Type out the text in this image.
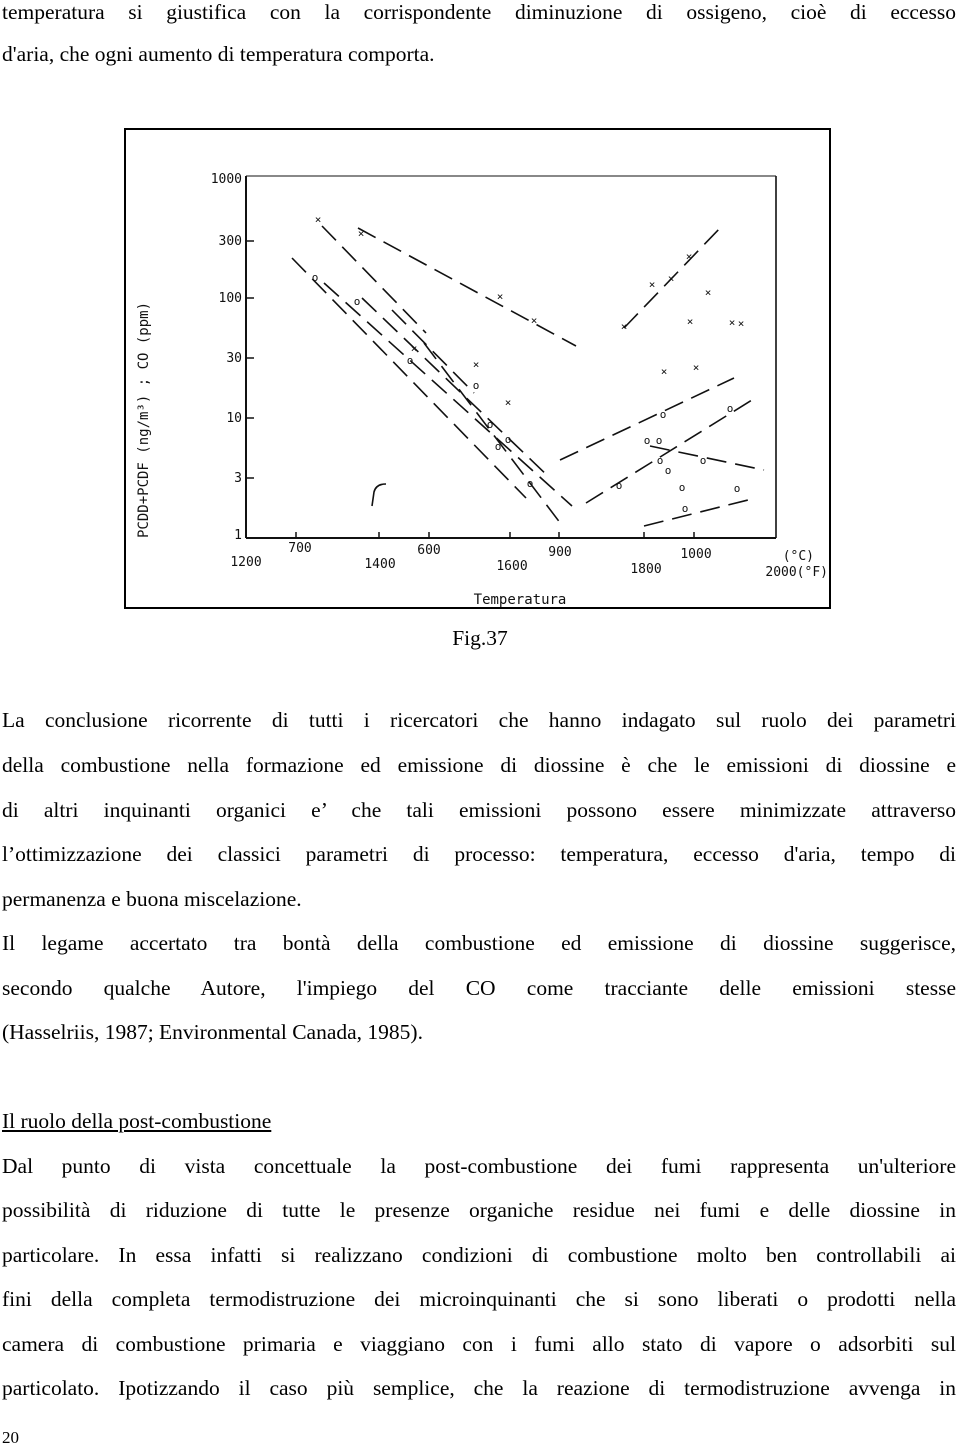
temperatura si giustifica con la corrispondente diminuzione di ossigeno, cioè di eccesso
d'aria, che ogni aumento di temperatura comporta.
1000
300
100
30
10
3
1
PCDD+PCDF (ng/m³) ; CO (ppm)
700	600	900	1000
1200	1400	1600	1800
(°C)
2000(°F)
Temperatura
×
×
×
×
×
×
×
×
× ×
×
×
×	× ×
× ×
o
o
o
o
o
o
o
o	o
o o
o
o
o
o
o
o
o
o
Fig.37
La conclusione ricorrente di tutti i ricercatori che hanno indagato sul ruolo dei parametri
della combustione nella formazione ed emissione di diossine è che le emissioni di diossine e
di altri inquinanti organici e’ che tali emissioni possono essere minimizzate attraverso
l’ottimizzazione dei classici parametri di processo: temperatura, eccesso d'aria, tempo di
permanenza e buona miscelazione.
Il legame accertato tra bontà della combustione ed emissione di diossine suggerisce,
secondo qualche Autore, l'impiego del CO come tracciante delle emissioni stesse
(Hasselriis, 1987; Environmental Canada, 1985).
Il ruolo della post-combustione
Dal punto di vista concettuale la post-combustione dei fumi rappresenta un'ulteriore
possibilità di riduzione di tutte le presenze organiche residue nei fumi e delle diossine in
particolare. In essa infatti si realizzano condizioni di combustione molto ben controllabili ai
fini della completa termodistruzione dei microinquinanti che si sono liberati o prodotti nella
camera di combustione primaria e viaggiano con i fumi allo stato di vapore o adsorbiti sul
particolato. Ipotizzando il caso più semplice, che la reazione di termodistruzione avvenga in
20
